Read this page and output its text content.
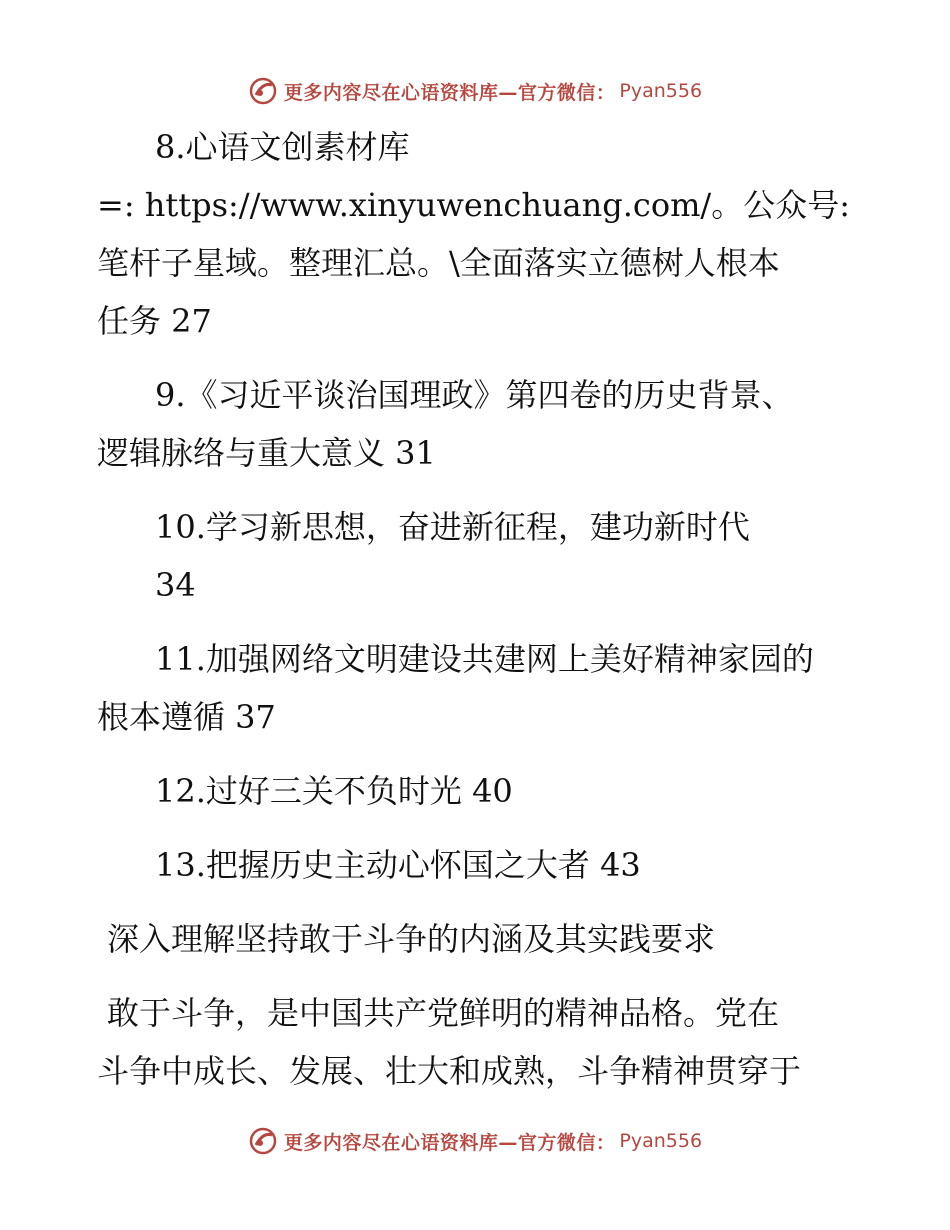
更多内容尽在心语资料库—官方微信： Pyan556

8.心语文创素材库

=: https://www.xinyuwenchuang.com/。公众号:

笔杆子星域。整理汇总。\全面落实立德树人根本

任务 27

9.《习近平谈治国理政》第四卷的历史背景、

逻辑脉络与重大意义 31

10.学习新思想，奋进新征程，建功新时代

34

11.加强网络文明建设共建网上美好精神家园的

根本遵循 37

12.过好三关不负时光 40

13.把握历史主动心怀国之大者 43

深入理解坚持敢于斗争的内涵及其实践要求

敢于斗争，是中国共产党鲜明的精神品格。党在

斗争中成长、发展、壮大和成熟，斗争精神贯穿于

更多内容尽在心语资料库—官方微信： Pyan556
